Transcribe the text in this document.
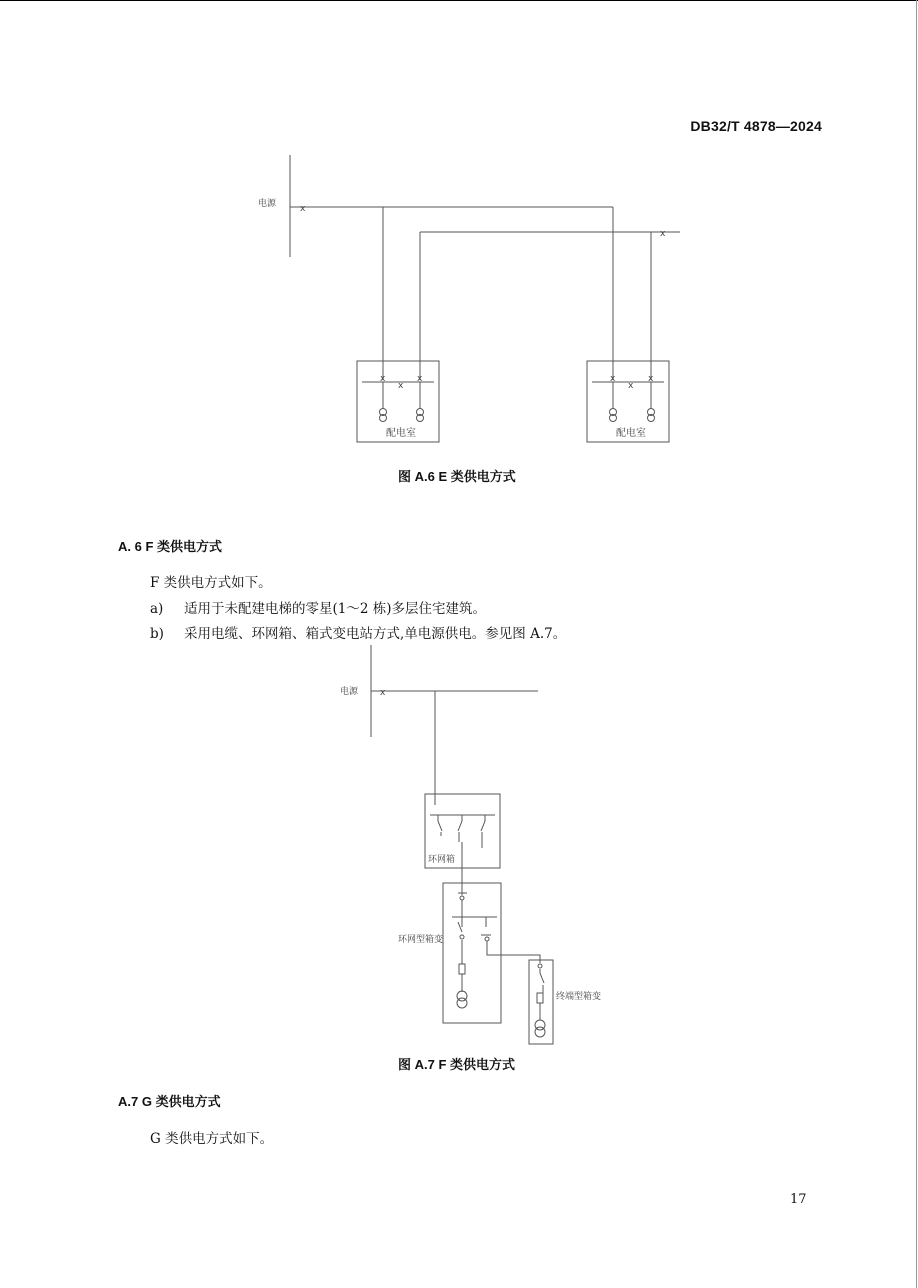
DB32/T 4878—2024
电源	x
x
x	x
x
配电室
x	x
x
配电室
图 A.6 E 类供电方式
A. 6 F 类供电方式
F 类供电方式如下。
a) 适用于未配建电梯的零星(1～2 栋)多层住宅建筑。
b) 采用电缆、环网箱、箱式变电站方式,单电源供电。参见图 A.7。
电源 x
环网箱
环网型箱变
终端型箱变
图 A.7 F 类供电方式
A.7 G 类供电方式
G 类供电方式如下。
17
